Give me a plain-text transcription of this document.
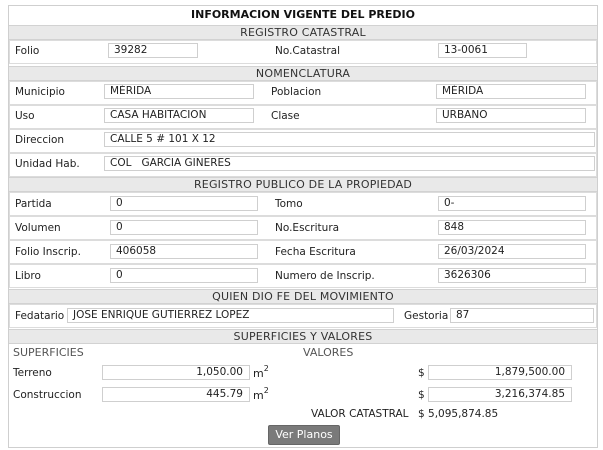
INFORMACION VIGENTE DEL PREDIO
REGISTRO CATASTRAL
Folio	39282	No.Catastral	13-0061
NOMENCLATURA
Municipio	MÉRIDA	Poblacion	MÉRIDA
Uso	CASA HABITACION	Clase	URBANO
Direccion	CALLE 5 # 101 X 12
Unidad Hab.	COL   GARCIA GINERES
REGISTRO PUBLICO DE LA PROPIEDAD
Partida	0	Tomo	0-
Volumen	0	No.Escritura	848
Folio Inscrip.	406058	Fecha Escritura	26/03/2024
Libro	0	Numero de Inscrip.	3626306
QUIEN DIO FE DEL MOVIMIENTO
Fedatario JOSE ENRIQUE GUTIERREZ LOPEZ	Gestoria 87
SUPERFICIES Y VALORES
SUPERFICIES	VALORES
Terreno	1,050.00 $m^2$	$	1,879,500.00
Construccion	445.79 $m^2$	$	3,216,374.85
VALOR CATASTRAL $ 5,095,874.85
Ver Planos
